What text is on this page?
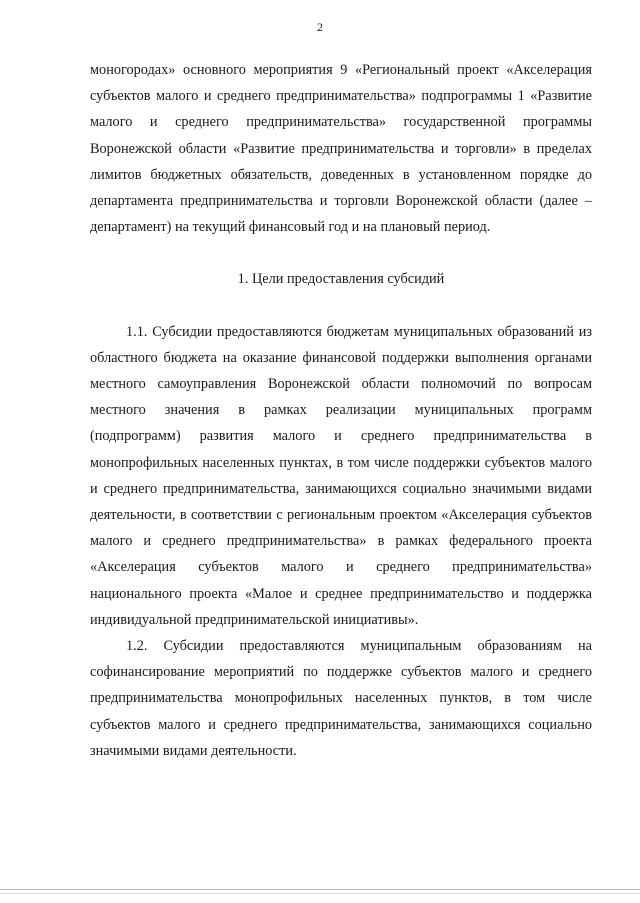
2

моногородах» основного мероприятия 9 «Региональный проект «Акселерация субъектов малого и среднего предпринимательства» подпрограммы 1 «Развитие малого и среднего предпринимательства» государственной программы Воронежской области «Развитие предпринимательства и торговли» в пределах лимитов бюджетных обязательств, доведенных в установленном порядке до департамента предпринимательства и торговли Воронежской области (далее – департамент) на текущий финансовый год и на плановый период.

1. Цели предоставления субсидий

1.1. Субсидии предоставляются бюджетам муниципальных образований из областного бюджета на оказание финансовой поддержки выполнения органами местного самоуправления Воронежской области полномочий по вопросам местного значения в рамках реализации муниципальных программ (подпрограмм) развития малого и среднего предпринимательства в монопрофильных населенных пунктах, в том числе поддержки субъектов малого и среднего предпринимательства, занимающихся социально значимыми видами деятельности, в соответствии с региональным проектом «Акселерация субъектов малого и среднего предпринимательства» в рамках федерального проекта «Акселерация субъектов малого и среднего предпринимательства» национального проекта «Малое и среднее предпринимательство и поддержка индивидуальной предпринимательской инициативы».

1.2. Субсидии предоставляются муниципальным образованиям на софинансирование мероприятий по поддержке субъектов малого и среднего предпринимательства монопрофильных населенных пунктов, в том числе субъектов малого и среднего предпринимательства, занимающихся социально значимыми видами деятельности.
